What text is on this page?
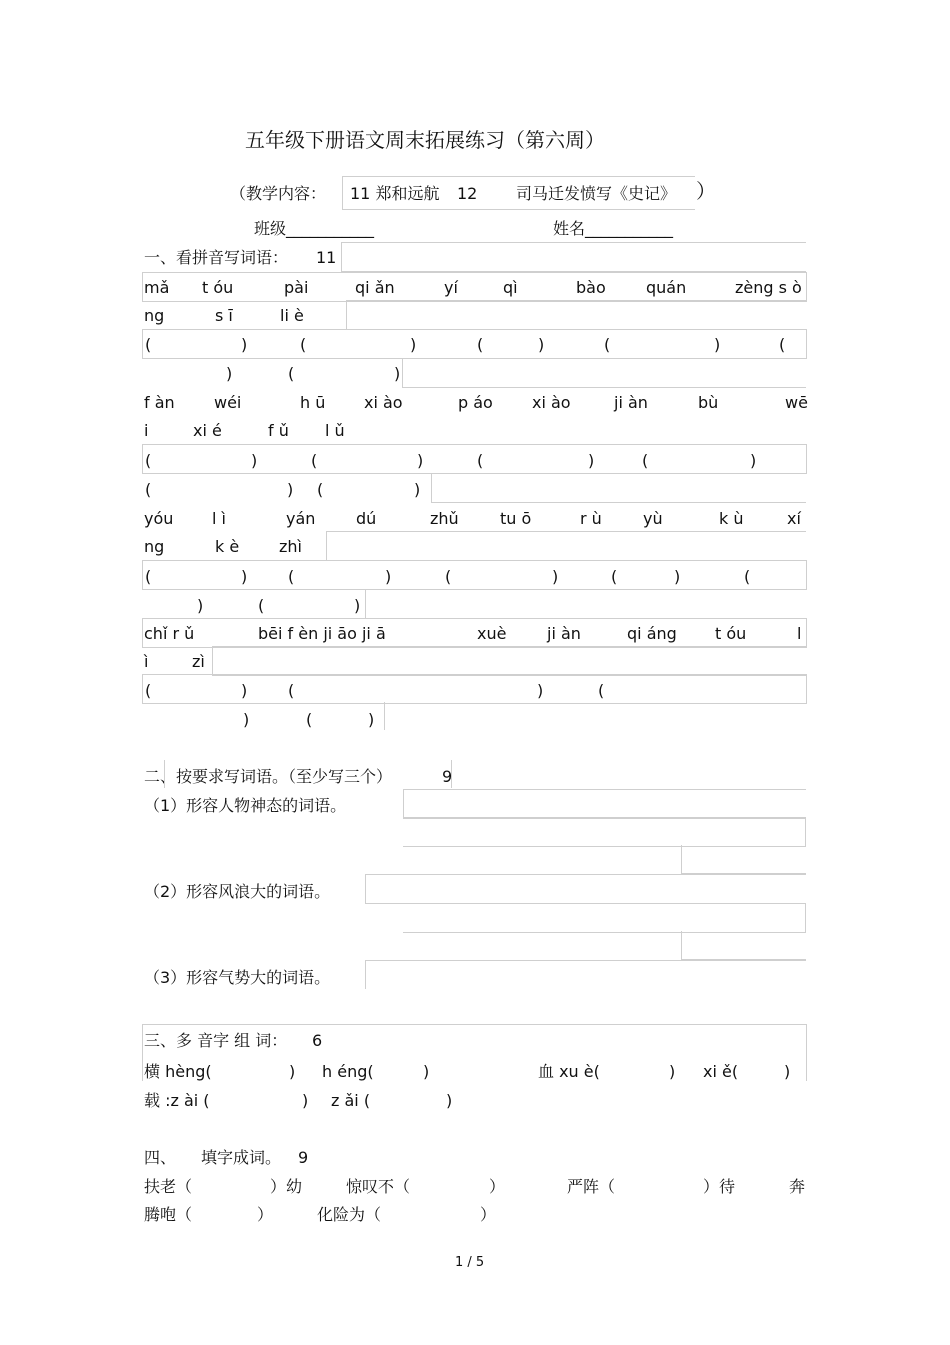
五年级下册语文周末拓展练习（第六周）
（教学内容： 11 郑和远航 12 司马迁发愤写《史记》 ）
班级___________	姓名___________
一、看拼音写词语： 11
mǎ t óu	pài	qi ǎn	yí	qì	bào	quán	zèng s ò
ng	s ī	li è
(	)	(	)	(	)	(	)	(
)	(	)
f àn wéi	h ū xi ào	p áo xi ào	ji àn	bù	wē
i	xi é	f ǔ l ǔ
(	)	(	)	(	)	(	)
(	) (	)
yóu l ì	yán	dú	zhǔ	tu ō	r ù	yù	k ù	xí
ng	k è zhì
(	)	(	)	(	)	(	)	(
)	(	)
chǐ r ǔ	bēi f èn ji āo ji ā	xuè	ji àn	qi áng t óu	l
ì	zì
(	)	(	)	(
)	(	)
二、按要求写词语。（至少写三个）	9
（1）形容人物神态的词语。
（2）形容风浪大的词语。
（3）形容气势大的词语。
三、多 音字 组 词： 6
横 hèng(	) h éng(	)	血 xu è(	) xi ě(	)
载 :z ài (	) z ǎi (	)
四、 填字成词。 9
扶老（	）幼	惊叹不（	）	严阵（	）待	奔
腾咆（	）	化险为（	）
1 / 5
